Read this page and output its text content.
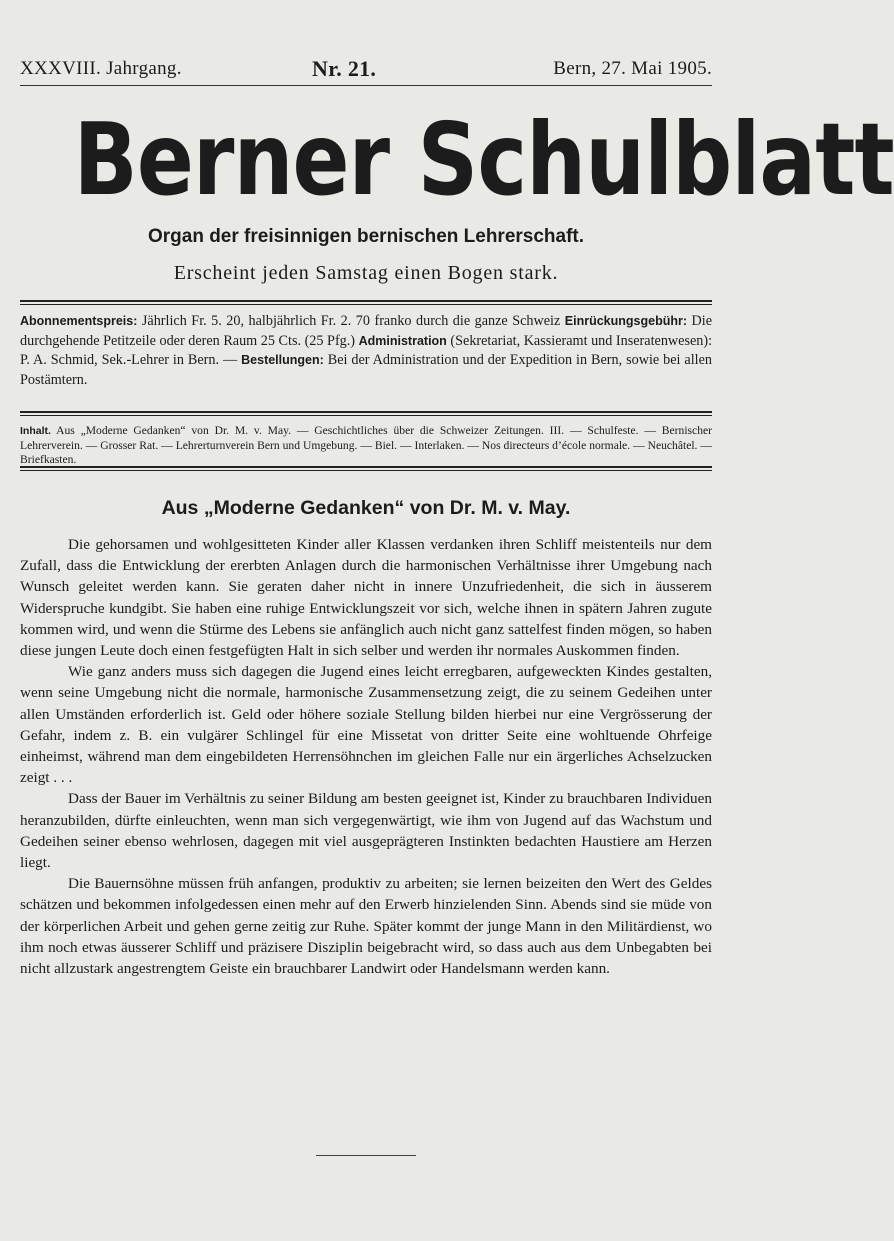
XXXVIII. Jahrgang.	Nr. 21.	Bern, 27. Mai 1905.
Berner Schulblatt
Organ der freisinnigen bernischen Lehrerschaft.
Erscheint jeden Samstag einen Bogen stark.
Abonnementspreis: Jährlich Fr. 5. 20, halbjährlich Fr. 2. 70 franko durch die ganze Schweiz Einrückungsgebühr: Die durchgehende Petitzeile oder deren Raum 25 Cts. (25 Pfg.) Administration (Sekretariat, Kassieramt und Inseratenwesen): P. A. Schmid, Sek.-Lehrer in Bern. — Bestellungen: Bei der Administration und der Expedition in Bern, sowie bei allen Postämtern.
Inhalt. Aus „Moderne Gedanken“ von Dr. M. v. May. — Geschichtliches über die Schweizer Zeitungen. III. — Schulfeste. — Bernischer Lehrerverein. — Grosser Rat. — Lehrerturnverein Bern und Umgebung. — Biel. — Interlaken. — Nos directeurs d’école normale. — Neuchâtel. — Briefkasten.
Aus „Moderne Gedanken“ von Dr. M. v. May.

Die gehorsamen und wohlgesitteten Kinder aller Klassen verdanken ihren Schliff meistenteils nur dem Zufall, dass die Entwicklung der ererbten Anlagen durch die harmonischen Verhältnisse ihrer Umgebung nach Wunsch geleitet werden kann. Sie geraten daher nicht in innere Unzufriedenheit, die sich in äusserem Widerspruche kundgibt. Sie haben eine ruhige Entwicklungszeit vor sich, welche ihnen in spätern Jahren zugute kommen wird, und wenn die Stürme des Lebens sie anfänglich auch nicht ganz sattelfest finden mögen, so haben diese jungen Leute doch einen festgefügten Halt in sich selber und werden ihr normales Auskommen finden.

Wie ganz anders muss sich dagegen die Jugend eines leicht erregbaren, aufgeweckten Kindes gestalten, wenn seine Umgebung nicht die normale, harmonische Zusammensetzung zeigt, die zu seinem Gedeihen unter allen Umständen erforderlich ist. Geld oder höhere soziale Stellung bilden hierbei nur eine Vergrösserung der Gefahr, indem z. B. ein vulgärer Schlingel für eine Missetat von dritter Seite eine wohltuende Ohrfeige einheimst, während man dem eingebildeten Herrensöhnchen im gleichen Falle nur ein ärgerliches Achselzucken zeigt . . .

Dass der Bauer im Verhältnis zu seiner Bildung am besten geeignet ist, Kinder zu brauchbaren Individuen heranzubilden, dürfte einleuchten, wenn man sich vergegenwärtigt, wie ihm von Jugend auf das Wachstum und Gedeihen seiner ebenso wehrlosen, dagegen mit viel ausgeprägteren Instinkten bedachten Haustiere am Herzen liegt.

Die Bauernsöhne müssen früh anfangen, produktiv zu arbeiten; sie lernen beizeiten den Wert des Geldes schätzen und bekommen infolgedessen einen mehr auf den Erwerb hinzielenden Sinn. Abends sind sie müde von der körperlichen Arbeit und gehen gerne zeitig zur Ruhe. Später kommt der junge Mann in den Militärdienst, wo ihm noch etwas äusserer Schliff und präzisere Disziplin beigebracht wird, so dass auch aus dem Unbegabten bei nicht allzustark angestrengtem Geiste ein brauchbarer Landwirt oder Handelsmann werden kann.
